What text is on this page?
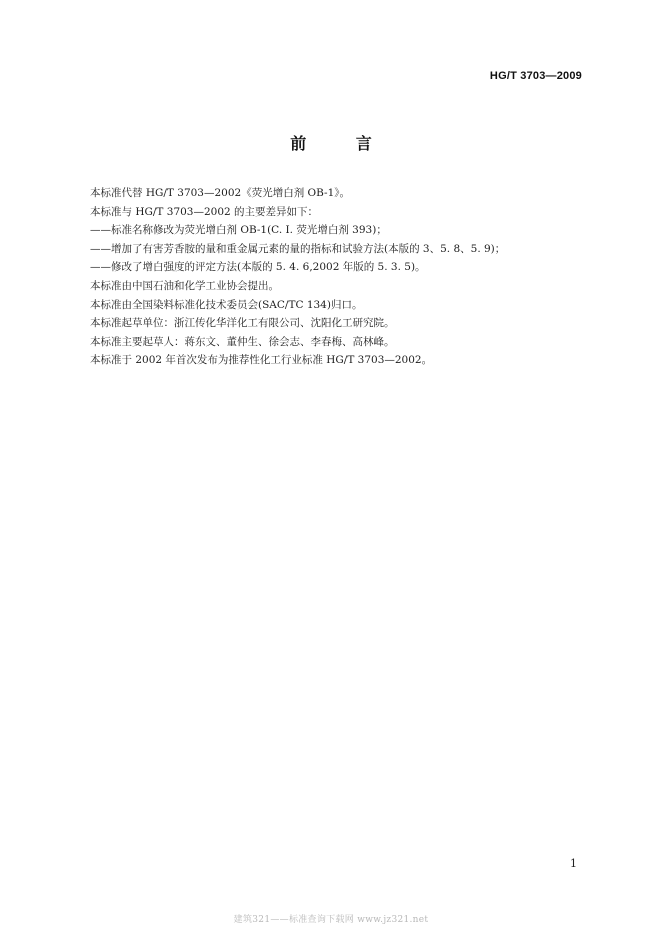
HG/T 3703—2009
前 言
本标准代替 HG/T 3703—2002《荧光增白剂 OB-1》。
本标准与 HG/T 3703—2002 的主要差异如下：
——标准名称修改为荧光增白剂 OB-1(C. I. 荧光增白剂 393)；
——增加了有害芳香胺的量和重金属元素的量的指标和试验方法(本版的 3、5. 8、5. 9)；
——修改了增白强度的评定方法(本版的 5. 4. 6,2002 年版的 5. 3. 5)。
本标准由中国石油和化学工业协会提出。
本标准由全国染料标准化技术委员会(SAC/TC 134)归口。
本标准起草单位：浙江传化华洋化工有限公司、沈阳化工研究院。
本标准主要起草人：蒋东文、董仲生、徐会志、李春梅、高林峰。
本标准于 2002 年首次发布为推荐性化工行业标准 HG/T 3703—2002。
1
建筑321——标准查询下载网 www.jz321.net
